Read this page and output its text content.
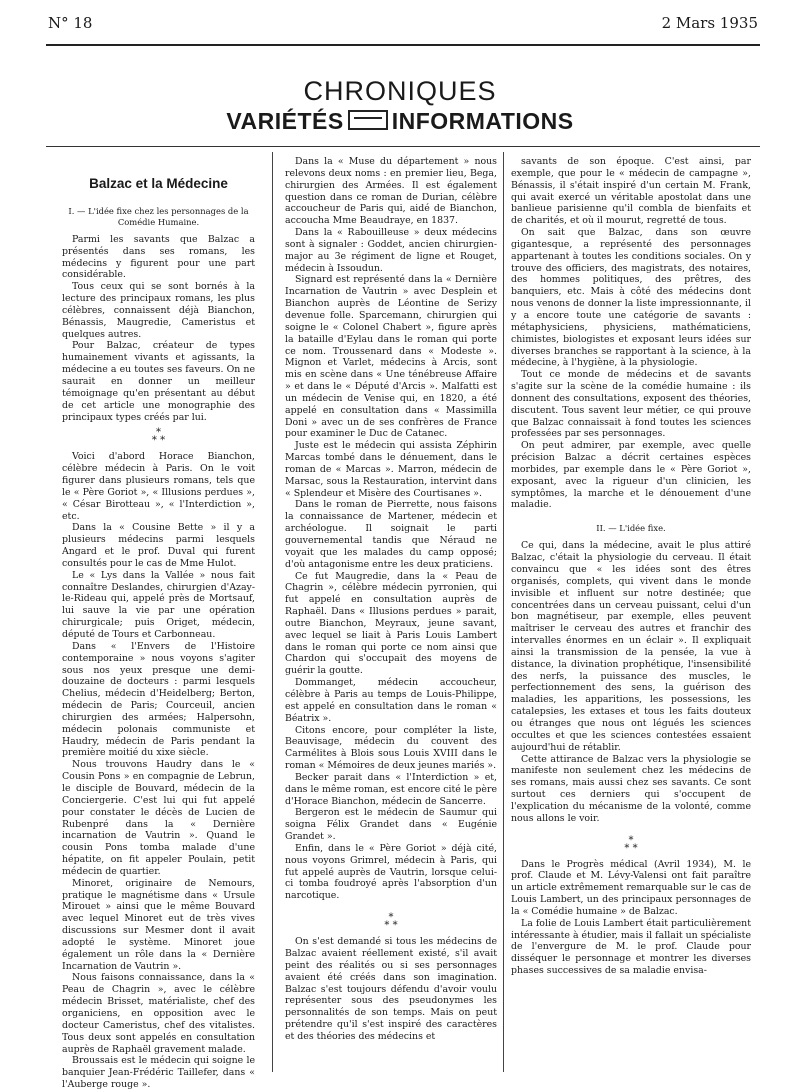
N° 18	2 Mars 1935
CHRONIQUES
VARIÉTÉS INFORMATIONS
Balzac et la Médecine
I. — L'idée fixe chez les personnages de la Comédie Humaine.

Parmi les savants que Balzac a présentés dans ses romans, les médecins y figurent pour une part considérable.

Tous ceux qui se sont bornés à la lecture des principaux romans, les plus célèbres, connaissent déjà Bianchon, Bénassis, Maugredie, Cameristus et quelques autres.

Pour Balzac, créateur de types humainement vivants et agissants, la médecine a eu toutes ses faveurs. On ne saurait en donner un meilleur témoignage qu'en présentant au début de cet article une monographie des principaux types créés par lui.

*
* *

Voici d'abord Horace Bianchon, célèbre médecin à Paris. On le voit figurer dans plusieurs romans, tels que le « Père Goriot », « Illusions perdues », « César Birotteau », « l'Interdiction », etc.

Dans la « Cousine Bette » il y a plusieurs médecins parmi lesquels Angard et le prof. Duval qui furent consultés pour le cas de Mme Hulot.

Le « Lys dans la Vallée » nous fait connaître Deslandes, chirurgien d'Azay-le-Rideau qui, appelé près de Mortsauf, lui sauve la vie par une opération chirurgicale; puis Origet, médecin, député de Tours et Carbonneau.

Dans « l'Envers de l'Histoire contemporaine » nous voyons s'agiter sous nos yeux presque une demi-douzaine de docteurs : parmi lesquels Chelius, médecin d'Heidelberg; Berton, médecin de Paris; Courceuil, ancien chirurgien des armées; Halpersohn, médecin polonais communiste et Haudry, médecin de Paris pendant la première moitié du xixe siècle.

Nous trouvons Haudry dans le « Cousin Pons » en compagnie de Lebrun, le disciple de Bouvard, médecin de la Conciergerie. C'est lui qui fut appelé pour constater le décès de Lucien de Rubenpré dans la « Dernière incarnation de Vautrin ». Quand le cousin Pons tomba malade d'une hépatite, on fit appeler Poulain, petit médecin de quartier.

Minoret, originaire de Nemours, pratique le magnétisme dans « Ursule Mirouet » ainsi que le même Bouvard avec lequel Minoret eut de très vives discussions sur Mesmer dont il avait adopté le système. Minoret joue également un rôle dans la « Dernière Incarnation de Vautrin ».

Nous faisons connaissance, dans la « Peau de Chagrin », avec le célèbre médecin Brisset, matérialiste, chef des organiciens, en opposition avec le docteur Cameristus, chef des vitalistes. Tous deux sont appelés en consultation auprès de Raphaël gravement malade.

Broussais est le médecin qui soigne le banquier Jean-Frédéric Taillefer, dans « l'Auberge rouge ».

Dans la « Muse du département » nous relevons deux noms : en premier lieu, Bega, chirurgien des Armées. Il est également question dans ce roman de Durian, célèbre accoucheur de Paris qui, aidé de Bianchon, accoucha Mme Beaudraye, en 1837.

Dans la « Rabouilleuse » deux médecins sont à signaler : Goddet, ancien chirurgien-major au 3e régiment de ligne et Rouget, médecin à Issoudun.

Signard est représenté dans la « Dernière Incarnation de Vautrin » avec Desplein et Bianchon auprès de Léontine de Serizy devenue folle. Sparcemann, chirurgien qui soigne le « Colonel Chabert », figure après la bataille d'Eylau dans le roman qui porte ce nom. Troussenard dans « Modeste ». Mignon et Varlet, médecins à Arcis, sont mis en scène dans « Une ténébreuse Affaire » et dans le « Député d'Arcis ». Malfatti est un médecin de Venise qui, en 1820, a été appelé en consultation dans « Massimilla Doni » avec un de ses confrères de France pour examiner le Duc de Catanec.

Juste est le médecin qui assista Zéphirin Marcas tombé dans le dénuement, dans le roman de « Marcas ». Marron, médecin de Marsac, sous la Restauration, intervint dans « Splendeur et Misère des Courtisanes ».

Dans le roman de Pierrette, nous faisons la connaissance de Martener, médecin et archéologue. Il soignait le parti gouvernemental tandis que Néraud ne voyait que les malades du camp opposé; d'où antagonisme entre les deux praticiens.

Ce fut Maugredie, dans la « Peau de Chagrin », célèbre médecin pyrronien, qui fut appelé en consultation auprès de Raphaël. Dans « Illusions perdues » parait, outre Bianchon, Meyraux, jeune savant, avec lequel se liait à Paris Louis Lambert dans le roman qui porte ce nom ainsi que Chardon qui s'occupait des moyens de guérir la goutte.

Dommanget, médecin accoucheur, célèbre à Paris au temps de Louis-Philippe, est appelé en consultation dans le roman « Béatrix ».

Citons encore, pour compléter la liste, Beauvisage, médecin du couvent des Carmélites à Blois sous Louis XVIII dans le roman « Mémoires de deux jeunes mariés ».

Becker parait dans « l'Interdiction » et, dans le même roman, est encore cité le père d'Horace Bianchon, médecin de Sancerre.

Bergeron est le médecin de Saumur qui soigna Félix Grandet dans « Eugénie Grandet ».

Enfin, dans le « Père Goriot » déjà cité, nous voyons Grimrel, médecin à Paris, qui fut appelé auprès de Vautrin, lorsque celui-ci tomba foudroyé après l'absorption d'un narcotique.

*
* *

On s'est demandé si tous les médecins de Balzac avaient réellement existé, s'il avait peint des réalités ou si ses personnages avaient été créés dans son imagination. Balzac s'est toujours défendu d'avoir voulu représenter sous des pseudonymes les personnalités de son temps. Mais on peut prétendre qu'il s'est inspiré des caractères et des théories des médecins et

savants de son époque. C'est ainsi, par exemple, que pour le « médecin de campagne », Bénassis, il s'était inspiré d'un certain M. Frank, qui avait exercé un véritable apostolat dans une banlieue parisienne qu'il combla de bienfaits et de charités, et où il mourut, regretté de tous.

On sait que Balzac, dans son œuvre gigantesque, a représenté des personnages appartenant à toutes les conditions sociales. On y trouve des officiers, des magistrats, des notaires, des hommes politiques, des prêtres, des banquiers, etc. Mais à côté des médecins dont nous venons de donner la liste impressionnante, il y a encore toute une catégorie de savants : métaphysiciens, physiciens, mathématiciens, chimistes, biologistes et exposant leurs idées sur diverses branches se rapportant à la science, à la médecine, à l'hygiène, à la physiologie.

Tout ce monde de médecins et de savants s'agite sur la scène de la comédie humaine : ils donnent des consultations, exposent des théories, discutent. Tous savent leur métier, ce qui prouve que Balzac connaissait à fond toutes les sciences professées par ses personnages.

On peut admirer, par exemple, avec quelle précision Balzac a décrit certaines espèces morbides, par exemple dans le « Père Goriot », exposant, avec la rigueur d'un clinicien, les symptômes, la marche et le dénouement d'une maladie.

II. — L'idée fixe.

Ce qui, dans la médecine, avait le plus attiré Balzac, c'était la physiologie du cerveau. Il était convaincu que « les idées sont des êtres organisés, complets, qui vivent dans le monde invisible et influent sur notre destinée; que concentrées dans un cerveau puissant, celui d'un bon magnétiseur, par exemple, elles peuvent maîtriser le cerveau des autres et franchir des intervalles énormes en un éclair ». Il expliquait ainsi la transmission de la pensée, la vue à distance, la divination prophétique, l'insensibilité des nerfs, la puissance des muscles, le perfectionnement des sens, la guérison des maladies, les apparitions, les possessions, les catalepsies, les extases et tous les faits douteux ou étranges que nous ont légués les sciences occultes et que les sciences contestées essaient aujourd'hui de rétablir.

Cette attirance de Balzac vers la physiologie se manifeste non seulement chez les médecins de ses romans, mais aussi chez ses savants. Ce sont surtout ces derniers qui s'occupent de l'explication du mécanisme de la volonté, comme nous allons le voir.

*
* *

Dans le Progrès médical (Avril 1934), M. le prof. Claude et M. Lévy-Valensi ont fait paraître un article extrêmement remarquable sur le cas de Louis Lambert, un des principaux personnages de la « Comédie humaine » de Balzac.

La folie de Louis Lambert était particulièrement intéressante à étudier, mais il fallait un spécialiste de l'envergure de M. le prof. Claude pour disséquer le personnage et montrer les diverses phases successives de sa maladie envisa-
